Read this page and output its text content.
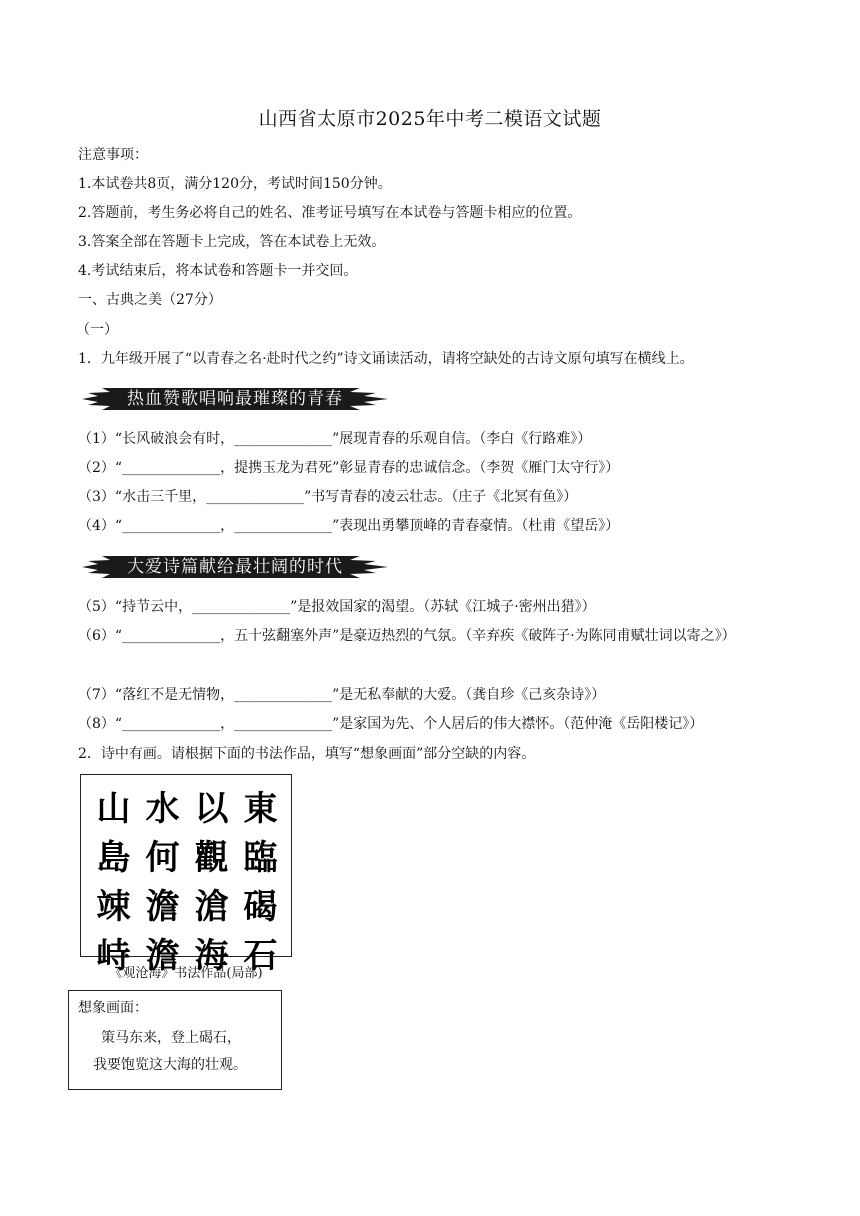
山西省太原市2025年中考二模语文试题
注意事项：
1.本试卷共8页，满分120分，考试时间150分钟。
2.答题前，考生务必将自己的姓名、准考证号填写在本试卷与答题卡相应的位置。
3.答案全部在答题卡上完成，答在本试卷上无效。
4.考试结束后，将本试卷和答题卡一并交回。
一、古典之美（27分）
（一）
1．九年级开展了“以青春之名·赴时代之约”诗文诵读活动，请将空缺处的古诗文原句填写在横线上。
热血赞歌唱响最璀璨的青春
（1）“长风破浪会有时，______________”展现青春的乐观自信。（李白《行路难》）
（2）“______________，提携玉龙为君死”彰显青春的忠诚信念。（李贺《雁门太守行》）
（3）“水击三千里，______________”书写青春的凌云壮志。（庄子《北冥有鱼》）
（4）“______________，______________”表现出勇攀顶峰的青春豪情。（杜甫《望岳》）
大爱诗篇献给最壮阔的时代
（5）“持节云中，______________”是报效国家的渴望。（苏轼《江城子·密州出猎》）
（6）“______________，五十弦翻塞外声”是豪迈热烈的气氛。（辛弃疾《破阵子·为陈同甫赋壮词以寄之》）
（7）“落红不是无情物，______________”是无私奉献的大爱。（龚自珍《己亥杂诗》）
（8）“______________，______________”是家国为先、个人居后的伟大襟怀。（范仲淹《岳阳楼记》）
2．诗中有画。请根据下面的书法作品，填写“想象画面”部分空缺的内容。
山 水 以 東
島 何 觀 臨
竦 澹 滄 碣
峙 澹 海 石
《观沧海》书法作品(局部)
想象画面：
策马东来，登上碣石，
我要饱览这大海的壮观。
